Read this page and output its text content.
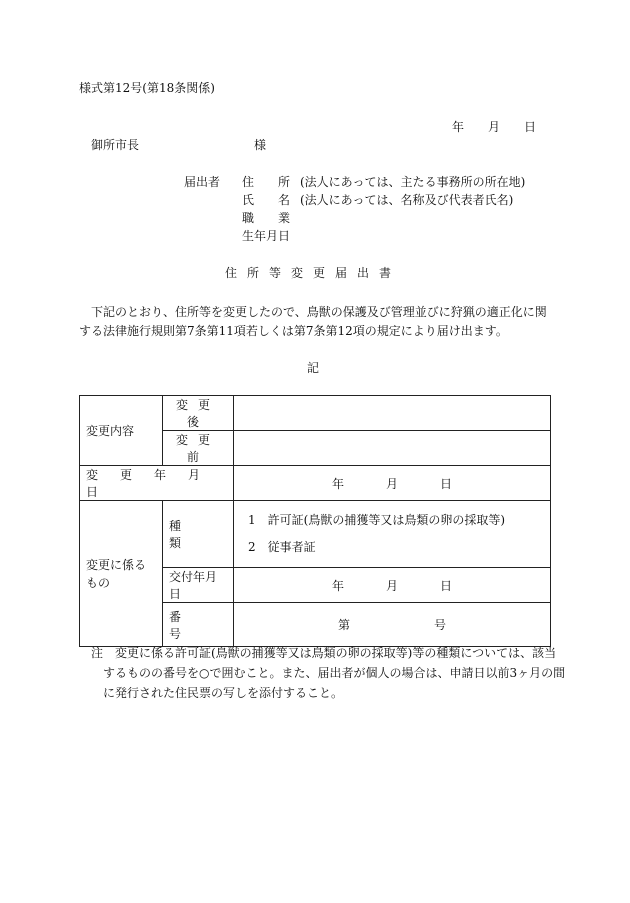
様式第12号(第18条関係)
年 月 日
御所市長	様
届出者 住　　所 (法人にあっては、主たる事務所の所在地)
氏　　名 (法人にあっては、名称及び代表者氏名)
職　　業
生年月日
住所等変更届出書
下記のとおり、住所等を変更したので、鳥獣の保護及び管理並びに狩猟の適正化に関する法律施行規則第7条第11項若しくは第7条第12項の規定により届け出ます。
記
変更内容	変更後	
	変更前	
変更年月日		年 月 日
変更に係るもの	種類	1　許可証(鳥獣の捕獲等又は鳥類の卵の採取等)
2　従事者証

	交付年月日	年 月 日
	番号	第 号
注 変更に係る許可証(鳥獣の捕獲等又は鳥類の卵の採取等)等の種類については、該当
するものの番号を○で囲むこと。また、届出者が個人の場合は、申請日以前3ヶ月の間
に発行された住民票の写しを添付すること。
